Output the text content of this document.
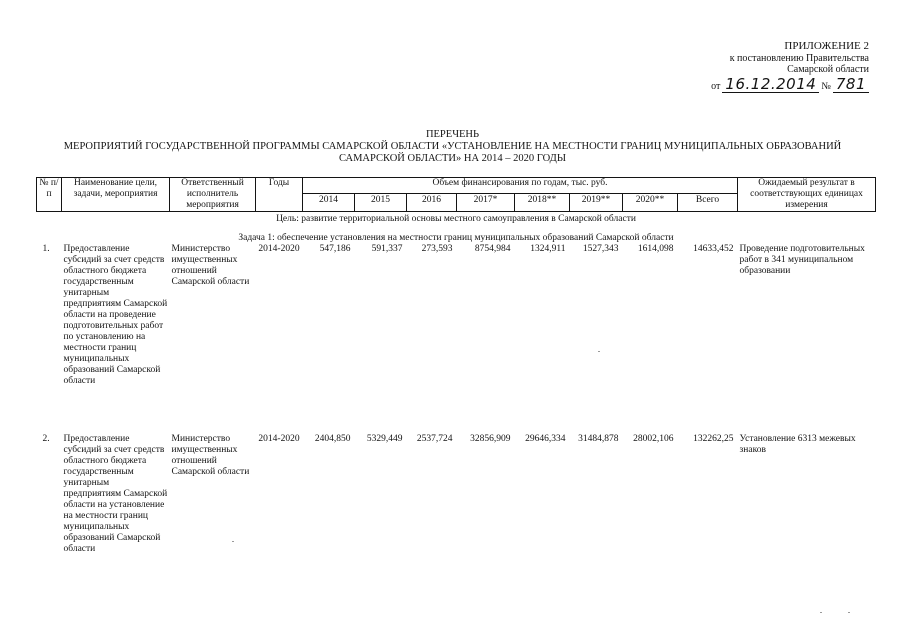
ПРИЛОЖЕНИЕ 2
к постановлению Правительства
Самарской области
от 16.12.2014 № 781
ПЕРЕЧЕНЬ
МЕРОПРИЯТИЙ ГОСУДАРСТВЕННОЙ ПРОГРАММЫ САМАРСКОЙ ОБЛАСТИ «УСТАНОВЛЕНИЕ НА МЕСТНОСТИ ГРАНИЦ МУНИЦИПАЛЬНЫХ ОБРАЗОВАНИЙ
САМАРСКОЙ ОБЛАСТИ» НА 2014 – 2020 ГОДЫ
№ п/п	Наименование цели, задачи, мероприятия	Ответственный исполнитель мероприятия	Годы	Объем финансирования по годам, тыс. руб.								Ожидаемый результат в соответствующих единицах измерения
				2014	2015	2016	2017*	2018**	2019**	2020**	Всего	
Цель: развитие территориальной основы местного самоуправления в Самарской области												
Задача 1: обеспечение установления на местности границ муниципальных образований Самарской области												
1.	Предоставление субсидий за счет средств областного бюджета государственным унитарным предприятиям Самарской области на проведение подготовительных работ по установлению на местности границ муниципальных образований Самарской области	Министерство имущественных отношений Самарской области	2014-2020	547,186	591,337	273,593	8754,984	1324,911	1527,343	1614,098	14633,452	Проведение подготовительных работ в 341 муниципальном образовании
2.	Предоставление субсидий за счет средств областного бюджета государственным унитарным предприятиям Самарской области на установление на местности границ муниципальных образований Самарской области	Министерство имущественных отношений Самарской области	2014-2020	2404,850	5329,449	2537,724	32856,909	29646,334	31484,878	28002,106	132262,25	Установление 6313 межевых знаков
